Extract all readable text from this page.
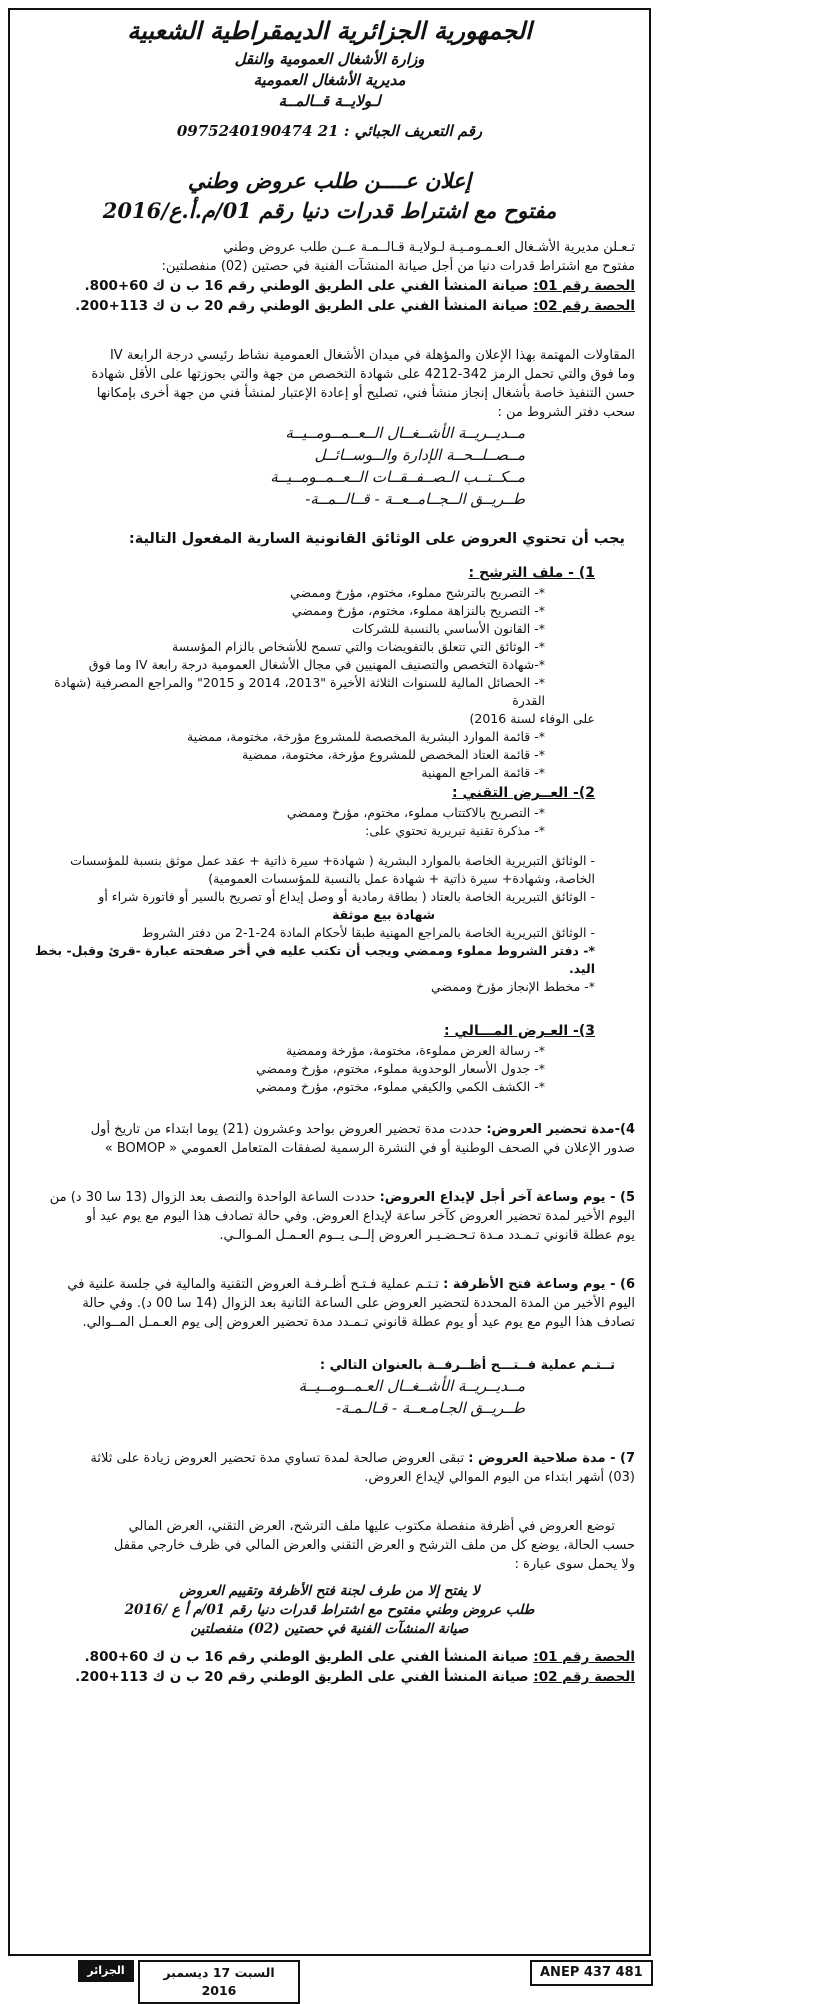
الجمهورية الجزائرية الديمقراطية الشعبية
وزارة الأشغال العمومية والنقل
مديرية الأشغال العمومية
لـولايــة قــالمــة
رقم التعريف الجبائي : 21 0975240190474
إعلان عــــن طلب عروض وطني
مفتوح مع اشتراط قدرات دنيا رقم 01/م.أ.ع/2016

تـعـلن مديرية الأشـغال العـمـومـيـة لـولايـة قـالــمـة عــن طلب عروض وطني

مفتوح مع اشتراط قدرات دنيا من أجل صيانة المنشآت الفنية في حصتين (02) منفصلتين:

الحصة رقم 01: صيانة المنشأ الفني على الطريق الوطني رقم 16 ب ن ك 60+800.

الحصة رقم 02: صيانة المنشأ الفني على الطريق الوطني رقم 20 ب ن ك 113+200.

المقاولات المهتمة بهذا الإعلان والمؤهلة في ميدان الأشغال العمومية نشاط رئيسي درجة الرابعة IV

وما فوق والتي تحمل الرمز 342-4212 على شهادة التخصص من جهة والتي بحوزتها على الأقل شهادة

حسن التنفيذ خاصة بأشغال إنجاز منشأ فني، تصليح أو إعادة الإعتبار لمنشأ فني من جهة أخرى بإمكانها

سحب دفتر الشروط من :

مــديــريــة الأشــغــال الــعــمــومــيــة
مــصــلــحــة الإدارة والــوســائــل
مــكــتــب الـصــفــقــات الــعــمــومــيــة
طــريــق الــجــامــعــة - قــالــمــة-
يجب أن تحتوي العروض على الوثائق القانونية السارية المفعول التالية:
1) - ملف الترشح :
*- التصريح بالترشح مملوء، مختوم، مؤرخ وممضي
*- التصريح بالنزاهة مملوء، مختوم، مؤرخ وممضي
*- القانون الأساسي بالنسبة للشركات
*- الوثائق التي تتعلق بالتفويضات والتي تسمح للأشخاص بالزام المؤسسة
*-شهادة التخصص والتصنيف المهنيين في مجال الأشغال العمومية درجة رابعة IV وما فوق
*- الحصائل المالية للسنوات الثلاثة الأخيرة "2013، 2014 و 2015" والمراجع المصرفية (شهادة القدرة
على الوفاء لسنة 2016)
*- قائمة الموارد البشرية المخصصة للمشروع مؤرخة، مختومة، ممضية
*- قائمة العتاد المخصص للمشروع مؤرخة، مختومة، ممضية
*- قائمة المراجع المهنية
2)- العــرض التقني :
*- التصريح بالاكتتاب مملوء، مختوم، مؤرخ وممضي
*- مذكرة تقنية تبريرية تحتوي على:
- الوثائق التبريرية الخاصة بالموارد البشرية ( شهادة+ سيرة ذاتية + عقد عمل موثق بنسبة للمؤسسات
الخاصة، وشهادة+ سيرة ذاتية + شهادة عمل بالنسبة للمؤسسات العمومية)
- الوثائق التبريرية الخاصة بالعتاد ( بطاقة رمادية أو وصل إيداع أو تصريح بالسير أو فاتورة شراء أو
شهادة بيع موثقة
- الوثائق التبريرية الخاصة بالمراجع المهنية طبقا لأحكام المادة 24-1-2 من دفتر الشروط
*- دفتر الشروط مملوء وممضي ويجب أن تكتب عليه في أخر صفحته عبارة -قرئ وقبل- بخط اليد.
*- مخطط الإنجاز مؤرخ وممضي
3)- العـرض المـــالي :
*- رسالة العرض مملوءة، مختومة، مؤرخة وممضية
*- جدول الأسعار الوحدوية مملوء، مختوم، مؤرخ وممضي
*- الكشف الكمي والكيفي مملوء، مختوم، مؤرخ وممضي

4)-مدة تحضير العروض: حددت مدة تحضير العروض بواحد وعشرون (21) يوما ابتداء من تاريخ أول

صدور الإعلان في الصحف الوطنية أو في النشرة الرسمية لصفقات المتعامل العمومي « BOMOP »

5) - يوم وساعة آخر أجل لإيداع العروض: حددت الساعة الواحدة والنصف بعد الزوال (13 سا 30 د) من

اليوم الأخير لمدة تحضير العروض كآخر ساعة لإيداع العروض. وفي حالة تصادف هذا اليوم مع يوم عيد أو

يوم عطلة قانوني تـمـدد مـدة تـحـضـيـر العروض إلــى يــوم العـمـل المـوالـي.

6) - يوم وساعة فتح الأظرفة : تـتـم عملية فـتـح أظـرفـة العروض التقنية والمالية في جلسة علنية في

اليوم الأخير من المدة المحددة لتحضير العروض على الساعة الثانية بعد الزوال (14 سا 00 د). وفي حالة

تصادف هذا اليوم مع يوم عيد أو يوم عطلة قانوني تـمـدد مدة تحضير العروض إلى يوم العـمـل المــوالي.

تــتـم عملية فــتـــح أظــرفــة بالعنوان التالي :

مــديــريــة الأشــغــال العـمــومــيــة
طــريــق الجـامـعــة - قـالـمـة-

7) - مدة صلاحية العروض : تبقى العروض صالحة لمدة تساوي مدة تحضير العروض زيادة على ثلاثة

(03) أشهر ابتداء من اليوم الموالي لإيداع العروض.

توضع العروض في أظرفة منفصلة مكتوب عليها ملف الترشح، العرض التقني، العرض المالي

حسب الحالة، يوضع كل من ملف الترشح و العرض التقني والعرض المالي في ظرف خارجي مقفل

ولا يحمل سوى عبارة :

لا يفتح إلا من طرف لجنة فتح الأظرفة وتقييم العروض
طلب عروض وطني مفتوح مع اشتراط قدرات دنيا رقم 01/م أ ع /2016
صيانة المنشآت الفنية في حصتين (02) منفصلتين

الحصة رقم 01: صيانة المنشأ الفني على الطريق الوطني رقم 16 ب ن ك 60+800.

الحصة رقم 02: صيانة المنشأ الفني على الطريق الوطني رقم 20 ب ن ك 113+200.

ANEP 437 481
الجزائر	السبت 17 ديسمبر 2016
